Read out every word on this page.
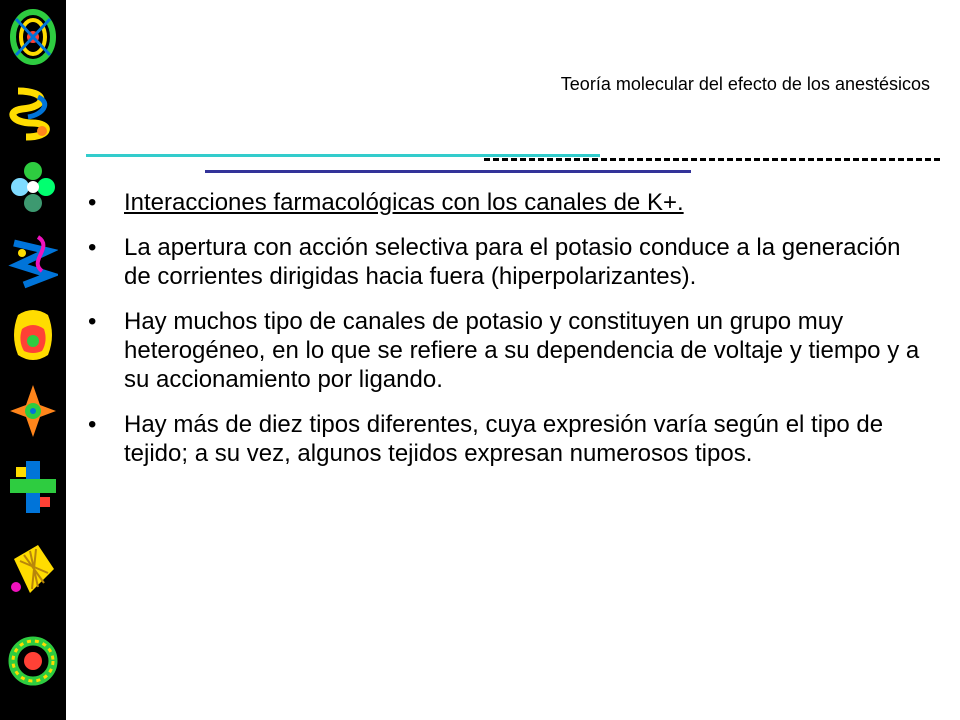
Teoría molecular del efecto de los anestésicos
• Interacciones farmacológicas con los canales de K+.
• La apertura con acción selectiva para el potasio conduce a la generación de corrientes dirigidas hacia fuera (hiperpolarizantes).
• Hay muchos tipo de canales de potasio y constituyen un grupo muy heterogéneo, en lo que se refiere a su dependencia de voltaje y tiempo y a su accionamiento por ligando.
• Hay más de diez tipos diferentes, cuya expresión varía según el tipo de tejido; a su vez, algunos tejidos expresan numerosos tipos.
